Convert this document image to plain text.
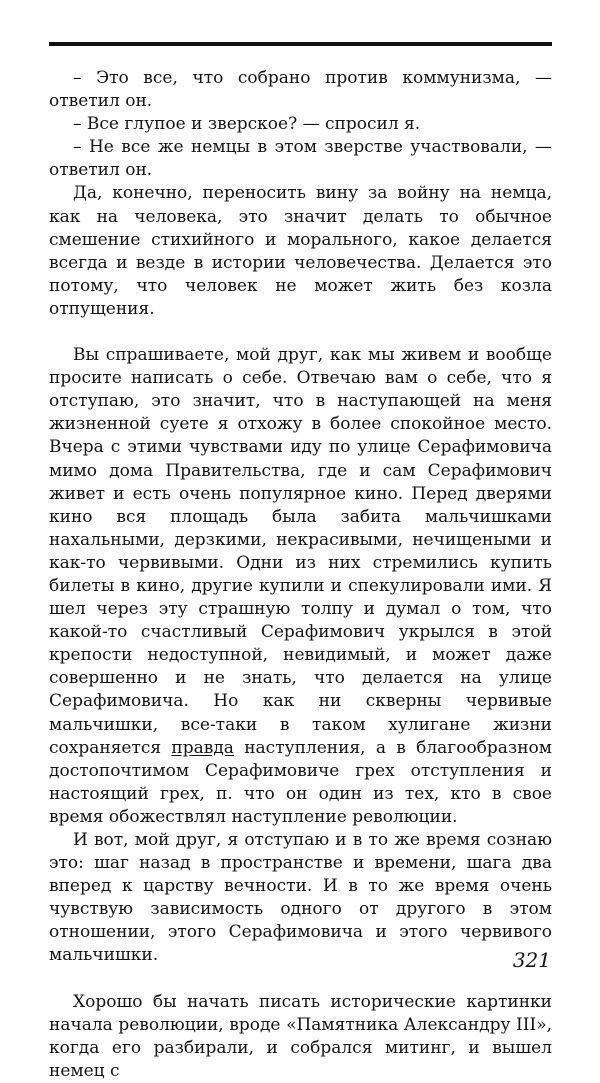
– Это все, что собрано против коммунизма, — ответил он.

– Все глупое и зверское? — спросил я.

– Не все же немцы в этом зверстве участвовали, — ответил он.

Да, конечно, переносить вину за войну на немца, как на человека, это значит делать то обычное смешение стихийного и морального, какое делается всегда и везде в истории человечества. Делается это потому, что человек не может жить без козла отпущения.

Вы спрашиваете, мой друг, как мы живем и вообще просите написать о себе. Отвечаю вам о себе, что я отступаю, это значит, что в наступающей на меня жизненной суете я отхожу в более спокойное место. Вчера с этими чувствами иду по улице Серафимовича мимо дома Правительства, где и сам Серафимович живет и есть очень популярное кино. Перед дверями кино вся площадь была забита мальчишками нахальными, дерзкими, некрасивыми, нечищеными и как-то червивыми. Одни из них стремились купить билеты в кино, другие купили и спекулировали ими. Я шел через эту страшную толпу и думал о том, что какой-то счастливый Серафимович укрылся в этой крепости недоступной, невидимый, и может даже совершенно и не знать, что делается на улице Серафимовича. Но как ни скверны червивые мальчишки, все-таки в таком хулигане жизни сохраняется правда наступления, а в благообразном достопочтимом Серафимовиче грех отступления и настоящий грех, п. что он один из тех, кто в свое время обожествлял наступление революции.

И вот, мой друг, я отступаю и в то же время сознаю это: шаг назад в пространстве и времени, шага два вперед к царству вечности. И в то же время очень чувствую зависимость одного от другого в этом отношении, этого Серафимовича и этого червивого мальчишки.

Хорошо бы начать писать исторические картинки начала революции, вроде «Памятника Александру III», когда его разбирали, и собрался митинг, и вышел немец с

321
